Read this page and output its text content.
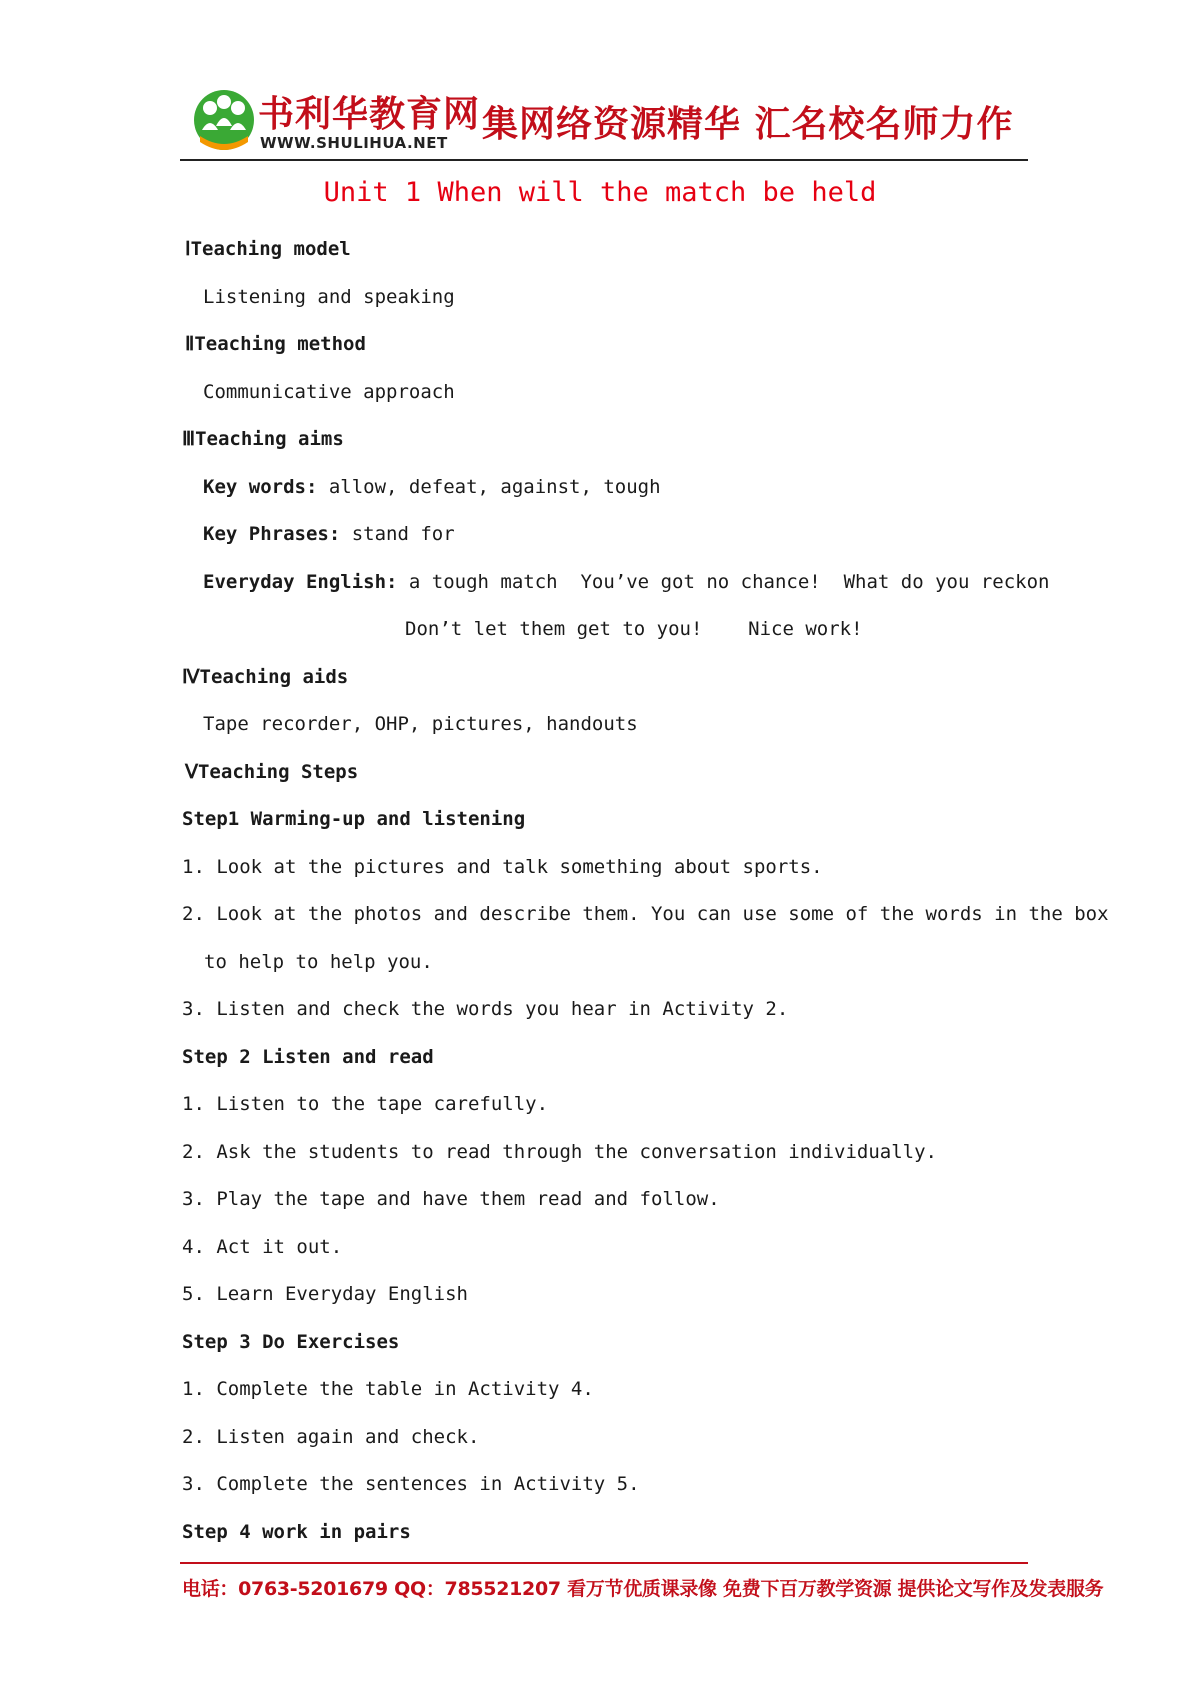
书利华教育网
WWW.SHULIHUA.NET 集网络资源精华 汇名校名师力作
Unit 1 When will the match be held
ⅠTeaching model
Listening and speaking
ⅡTeaching method
Communicative approach
ⅢTeaching aims
Key words: allow, defeat, against, tough
Key Phrases: stand for
Everyday English: a tough match  You’ve got no chance!  What do you reckon
Don’t let them get to you!    Nice work!
ⅣTeaching aids
Tape recorder, OHP, pictures, handouts
ⅤTeaching Steps
Step1 Warming-up and listening
1. Look at the pictures and talk something about sports.
2. Look at the photos and describe them. You can use some of the words in the box
to help to help you.
3. Listen and check the words you hear in Activity 2.
Step 2 Listen and read
1. Listen to the tape carefully.
2. Ask the students to read through the conversation individually.
3. Play the tape and have them read and follow.
4. Act it out.
5. Learn Everyday English
Step 3 Do Exercises
1. Complete the table in Activity 4.
2. Listen again and check.
3. Complete the sentences in Activity 5.
Step 4 work in pairs
电话：0763-5201679 QQ：785521207 看万节优质课录像 免费下百万教学资源 提供论文写作及发表服务
